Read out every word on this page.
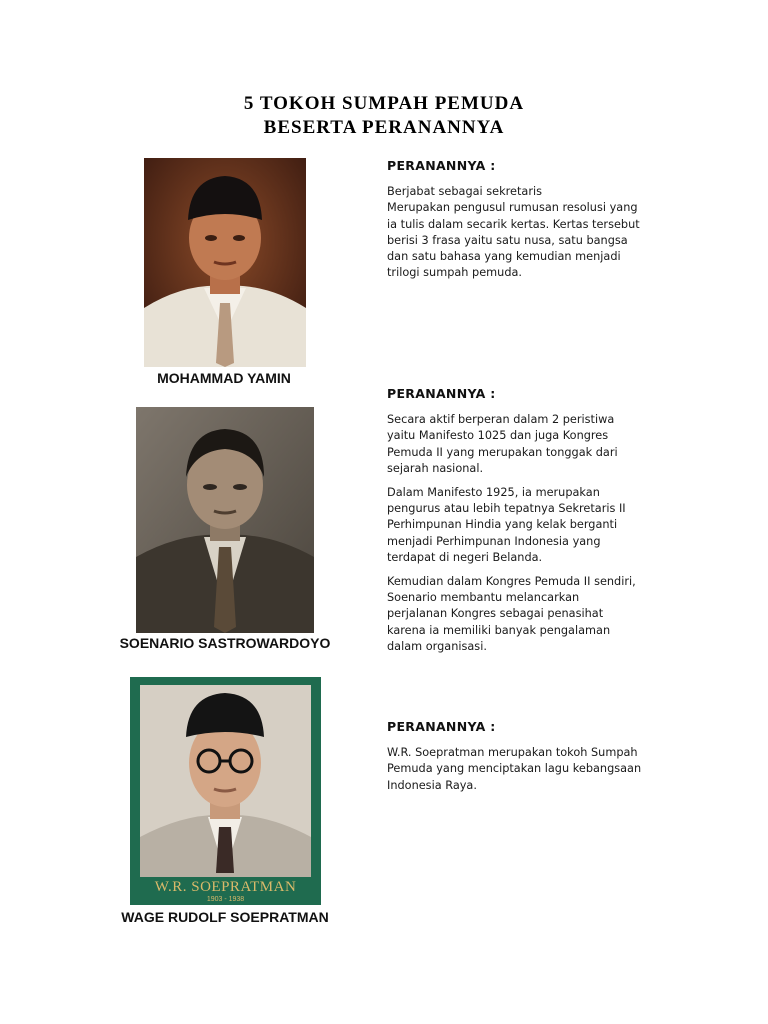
5 TOKOH SUMPAH PEMUDA
BESERTA PERANANNYA
MOHAMMAD YAMIN
PERANANNYA :
Berjabat sebagai sekretaris
Merupakan pengusul rumusan resolusi yang
ia tulis dalam secarik kertas. Kertas tersebut
berisi 3 frasa yaitu satu nusa, satu bangsa
dan satu bahasa yang kemudian menjadi
trilogi sumpah pemuda.
SOENARIO SASTROWARDOYO
PERANANNYA :
Secara aktif berperan dalam 2 peristiwa
yaitu Manifesto 1025 dan juga Kongres
Pemuda II yang merupakan tonggak dari
sejarah nasional.
Dalam Manifesto 1925, ia merupakan
pengurus atau lebih tepatnya Sekretaris II
Perhimpunan Hindia yang kelak berganti
menjadi Perhimpunan Indonesia yang
terdapat di negeri Belanda.
Kemudian dalam Kongres Pemuda II sendiri,
Soenario membantu melancarkan
perjalanan Kongres sebagai penasihat
karena ia memiliki banyak pengalaman
dalam organisasi.
W.R. SOEPRATMAN
1903 - 1938
WAGE RUDOLF SOEPRATMAN
PERANANNYA :
W.R. Soepratman merupakan tokoh Sumpah
Pemuda yang menciptakan lagu kebangsaan
Indonesia Raya.
